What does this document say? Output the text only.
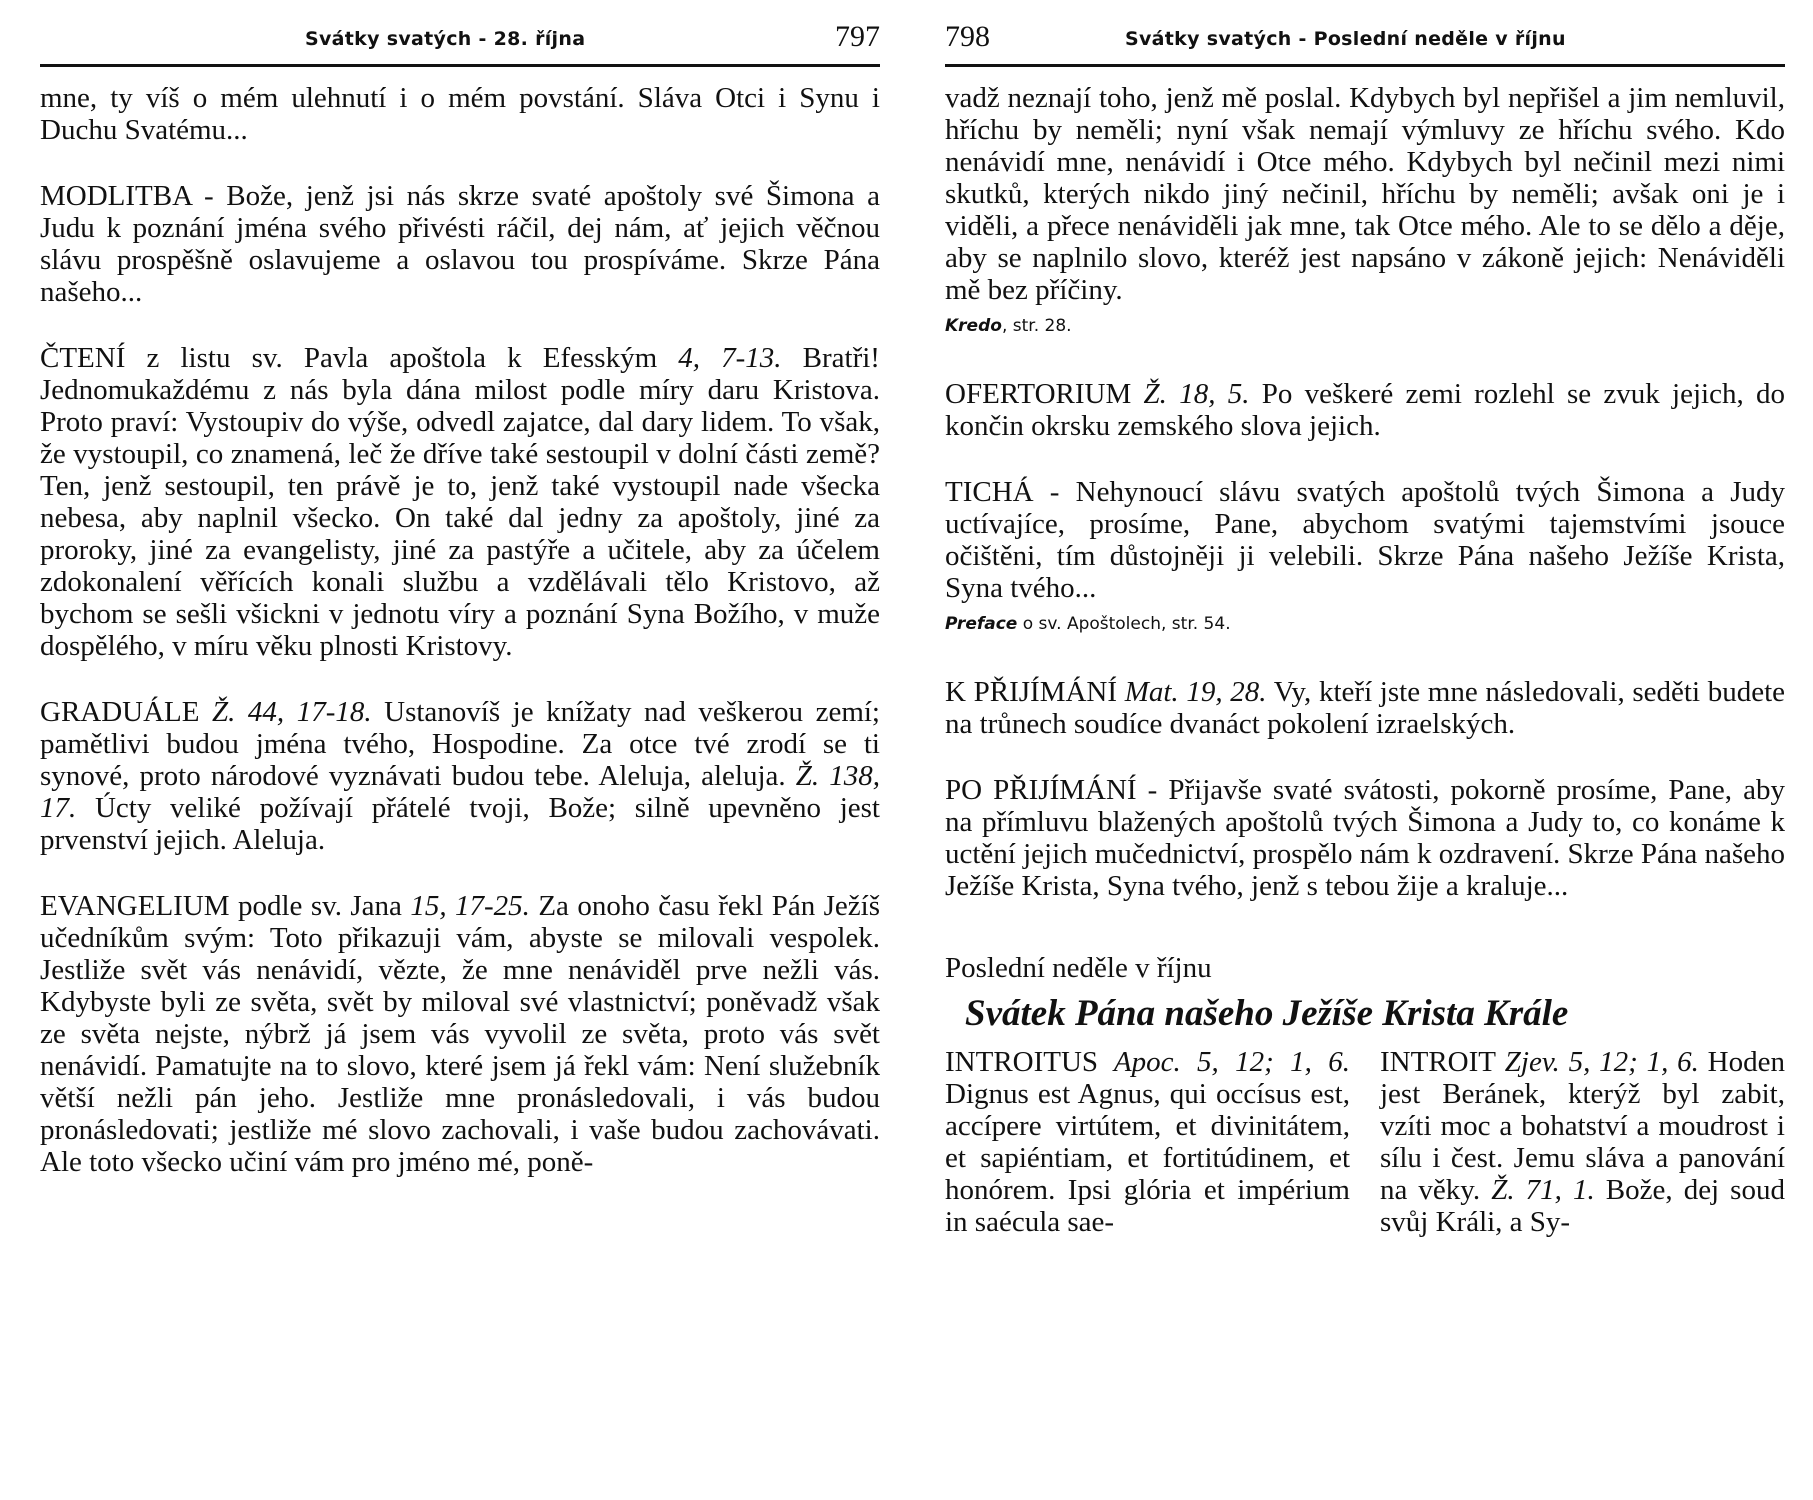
Svátky svatých - 28. října	797

mne, ty víš o mém ulehnutí i o mém povstání. Sláva Otci i Synu i Duchu Svatému...

MODLITBA - Bože, jenž jsi nás skrze svaté apoštoly své Šimona a Judu k poznání jména svého přivésti ráčil, dej nám, ať jejich věčnou slávu prospěšně oslavujeme a oslavou tou prospíváme. Skrze Pána našeho...

ČTENÍ z listu sv. Pavla apoštola k Efesským 4, 7-13. Bratři! Jednomukaždému z nás byla dána milost podle míry daru Kristova. Proto praví: Vystoupiv do výše, odvedl zajatce, dal dary lidem. To však, že vystoupil, co znamená, leč že dříve také sestoupil v dolní části země? Ten, jenž sestoupil, ten právě je to, jenž také vystoupil nade všecka nebesa, aby naplnil všecko. On také dal jedny za apoštoly, jiné za proroky, jiné za evangelisty, jiné za pastýře a učitele, aby za účelem zdokonalení věřících konali službu a vzdělávali tělo Kristovo, až bychom se sešli všickni v jednotu víry a poznání Syna Božího, v muže dospělého, v míru věku plnosti Kristovy.

GRADUÁLE Ž. 44, 17-18. Ustanovíš je knížaty nad veškerou zemí; pamětlivi budou jména tvého, Hospodine. Za otce tvé zrodí se ti synové, proto národové vyznávati budou tebe. Aleluja, aleluja. Ž. 138, 17. Úcty veliké požívají přátelé tvoji, Bože; silně upevněno jest prvenství jejich. Aleluja.

EVANGELIUM podle sv. Jana 15, 17-25. Za onoho času řekl Pán Ježíš učedníkům svým: Toto přikazuji vám, abyste se milovali vespolek. Jestliže svět vás nenávidí, vězte, že mne nenáviděl prve nežli vás. Kdybyste byli ze světa, svět by miloval své vlastnictví; poněvadž však ze světa nejste, nýbrž já jsem vás vyvolil ze světa, proto vás svět nenávidí. Pamatujte na to slovo, které jsem já řekl vám: Není služebník větší nežli pán jeho. Jestliže mne pronásledovali, i vás budou pronásledovati; jestliže mé slovo zachovali, i vaše budou zachovávati. Ale toto všecko učiní vám pro jméno mé, poně-

798	Svátky svatých - Poslední neděle v říjnu

vadž neznají toho, jenž mě poslal. Kdybych byl nepřišel a jim nemluvil, hříchu by neměli; nyní však nemají výmluvy ze hříchu svého. Kdo nenávidí mne, nenávidí i Otce mého. Kdybych byl nečinil mezi nimi skutků, kterých nikdo jiný nečinil, hříchu by neměli; avšak oni je i viděli, a přece nenáviděli jak mne, tak Otce mého. Ale to se dělo a děje, aby se naplnilo slovo, kteréž jest napsáno v zákoně jejich: Nenáviděli mě bez příčiny.

Kredo, str. 28.

OFERTORIUM Ž. 18, 5. Po veškeré zemi rozlehl se zvuk jejich, do končin okrsku zemského slova jejich.

TICHÁ - Nehynoucí slávu svatých apoštolů tvých Šimona a Judy uctívajíce, prosíme, Pane, abychom svatými tajemstvími jsouce očištěni, tím důstojněji ji velebili. Skrze Pána našeho Ježíše Krista, Syna tvého...

Preface o sv. Apoštolech, str. 54.

K PŘIJÍMÁNÍ Mat. 19, 28. Vy, kteří jste mne následovali, seděti budete na trůnech soudíce dvanáct pokolení izraelských.

PO PŘIJÍMÁNÍ - Přijavše svaté svátosti, pokorně prosíme, Pane, aby na přímluvu blažených apoštolů tvých Šimona a Judy to, co konáme k uctění jejich mučednictví, prospělo nám k ozdravení. Skrze Pána našeho Ježíše Krista, Syna tvého, jenž s tebou žije a kraluje...

Poslední neděle v říjnu
Svátek Pána našeho Ježíše Krista Krále
INTROITUS Apoc. 5, 12; 1, 6. Dignus est Agnus, qui occísus est, accípere virtútem, et divinitátem, et sapiéntiam, et fortitúdinem, et honórem. Ipsi glória et impérium in saécula sae-
INTROIT Zjev. 5, 12; 1, 6. Hoden jest Beránek, kterýž byl zabit, vzíti moc a bohatství a moudrost i sílu i čest. Jemu sláva a panování na věky. Ž. 71, 1. Bože, dej soud svůj Králi, a Sy-
